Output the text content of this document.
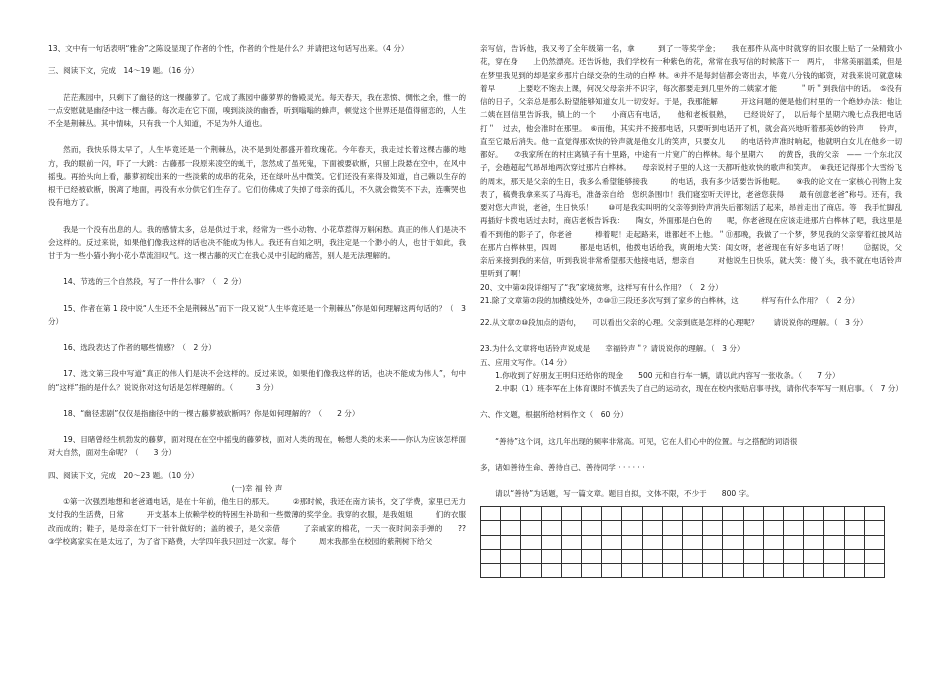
13、文中有一句话表明“雅舍”之陈设显现了作者的个性，作者的个性是什么？并请把这句话写出来。（4 分）

三、阅读下文，完成　14～19 题。（16 分）

茫茫燕园中，只剩下了幽径的这一棵藤萝了。它成了燕园中藤萝界的鲁殿灵光。每天春天，我在悲愤、惆怅之余，惟一的一点安慰就是幽径中这一棵古藤。每次走在它下面，嗅到淡淡的幽香，听到嗡嗡的蜂声，顿觉这个世界还是值得留恋的，人生不全是荆棘丛。其中情味，只有我一个人知道，不足为外人道也。

然而，我快乐得太早了，人生毕竟还是一个荆棘丛，决不是到处都盛开着玫瑰花。今年春天，我走过长着这棵古藤的地方，我的眼前一闪，吓了一大跳：古藤那一段原来凌空的虬干，忽然成了虽死鬼，下面被要砍断，只留上段悬在空中，在风中摇曳。再抬头向上看，藤萝初绽出来的一些淡紫的成串的花朵，还在绿叶丛中微笑。它们还没有来得及知道，自己赖以生存的根干已经被砍断，脱离了地面，再没有水分供它们生存了。它们仿佛成了失掉了母亲的孤儿，不久就会微笑不下去，连嘶哭也没有地方了。

我是一个没有出息的人。我的感情太多，总是供过于求，经常为一些小动物、小花草惹得万斛闲愁。真正的伟人们是决不会这样的。反过来说，如果他们像我这样的话也决不能成为伟人。我还有自知之明，我注定是一个渺小的人，也甘于如此，我甘于为一些小猫小狗小花小草流泪叹气。这一棵古藤的灭亡在我心灵中引起的痛苦，别人是无法理解的。

14、节选的三个自然段，写了一件什么事？（　2 分）

15、作者在第 1 段中说“人生还不全是荆棘丛”而下一段又说“人生毕竟还是一个荆棘丛”你是如何理解这两句话的？（　3 分）

16、选段表达了作者的哪些情感？（　2 分）

17、选文第三段中写道“真正的伟人们是决不会这样的。反过来说，如果他们像我这样的话，也决不能成为伟人”，句中的“这样”指的是什么？说说你对这句话是怎样理解的。（　　　3 分）

18、“幽径悲剧”仅仅是指幽径中的一棵古藤萝被砍断吗？你是如何理解的？（　　2 分）

19、目睹曾经生机勃发的藤萝，面对现在在空中摇曳的藤萝枝，面对人类的现在，畅想人类的未来——你认为应该怎样面对大自然，面对生命呢？（　　3 分）

四、阅读下文，完成　20～23 题。（10 分）

(一)幸 福 铃 声

①第一次强烈地想和老爸通电话，是在十年前，他生日的那天。　　　②那时候，我还在南方读书，交了学费，家里已无力支付我的生活费，日常　　　开支基本上依赖学校的特困生补助和一些微薄的奖学金。我穿的衣服，是我姐姐　　　们的衣服改而成的；鞋子，是母亲在灯下一针针做好的；盖的被子，是父亲借　　　了亲戚家的棉花，一天一夜时间亲手弹的　　??　③学校离家实在是太远了，为了省下路费，大学四年我只回过一次家。每个　　　周末我都坐在校园的紫荆树下给父

亲写信，告诉他，我又考了全年级第一名，拿　　　到了一等奖学金；　　我在那件从高中时就穿的旧衣服上贴了一朵精致小花，穿在身　　上仍然漂亮。还告诉他，我们学校有一种紫色的花，常常在我写信的时候落下一　两片，　非常美丽温柔，但是在梦里我见到的却是家乡那片白绿交杂的生动的白桦 林。④并不是每封信都会寄出去，毕竟八分钱的邮资，对我来说可就意味着早　　　上要吃不饱去上课，何况父母亲并不识字，每次都要走到几里外的二姨家才能　　　＂听＂到我信中的话。　⑤没有信的日子，父亲总是那么盼望能够知道女儿一切安好。于是，我那能解　　　开这问题的便是他们村里的一个绝妙办法：他让二姨在回信里告诉我，镇上的一个　　小商店有电话，　　他和老板很熟，　　已经说好了，　以后每个星期六晚七点我把电话　　　打＂　过去，他会准时在那里。　⑥而他，其实并不接那电话，只要听到电话开了机，就会高兴地听着那美妙的铃声　　铃声，直至它最后消失。他一直觉得那欢快的铃声就是他女儿的笑声，只要女儿　　的电话铃声准时响起，他就明白女儿在他乡一切都好。　　⑦我家所在的村庄离镇子有十里路，中途有一片宽广的白桦林。每个星期六　　的黄昏，我的父亲　—— 一个东北汉子，会趟超起气昂昂地两次穿过那片白桦林。　　母亲说村子里的人这一天都听他欢快的歌声和笑声。　⑧我还记得那个大雪纷飞的周末，那天是父亲的生日，我多么希望能够接我　　　的电话，我有多少话要告诉他呢。　　⑨我的论文在一家核心刊物上发表了，稿费我拿来买了马海毛，准备亲自给　您织条围巾！我们寝室听天评比，老爸您获得　　最有创意老爸“称号。还有，我　要对您大声说，老爸，生日快乐！　　⑩可是我实叫明的父亲等到铃声消失后都刻活了起来，昂首走出了商店。等　我手忙脚乱再插好卡拨电话过去时，商店老板告诉我：　　陶女，外面那是白色的　　呢，你老爸现在应该走进那片白桦林了吧，我这里是看不到他的影子了，你老爸　　　棒着呢！走起路来，谁都赶不上他。＂⑪那晚，我做了一个梦，梦见我的父亲穿着红披风站在那片白桦林里，四周　　　都是电话机，他拨电话给我，爽朗地大笑：闺女呀，老爸现在有好多电话了呀！　　⑫据说，父亲后来接到我的来信，听到我说非常希望那天他接电话，想亲自　　　对他说生日快乐，就大笑：傻丫头，我不就在电话铃声里听到了啊！

20、文中第②段详细写了“我”家境贫寒，这样写有什么作用？（　2 分）

21.除了文章第⑦段的加横线处外，⑦⑩⑪三段还多次写到了家乡的白桦林，这　　　样写有什么作用？（　2 分）

22.从文章⑦⑩段加点的语句，　　可以看出父亲的心理。父亲到底是怎样的心理呢？　　请说说你的理解。（　3 分）

23.为什么文章将电话铃声说成是　　幸福铃声＂？请说说你的理解。（　3 分）

五、应用文写作。（14 分）

1.你收到了好朋友王明归还给你的现金　　500 元和自行车一辆，请以此内容写一张收条。（　　7 分）

2.中职（1）班李军在上体育课时不慎丢失了自己的运动衣，现在在校内张贴启事寻找，请你代李军写一则启事。（　7 分）

六、作文题，根据所给材料作文（　60 分）

“善待”这个词，这几年出现的频率非常高。可见，它在人们心中的位置。与之搭配的词语很

多，诸如善待生命、善待自己、善待同学 · · · · · ·

请以“善待”为话题，写一篇文章。题目自拟，文体不限，不少于　　800 字。
